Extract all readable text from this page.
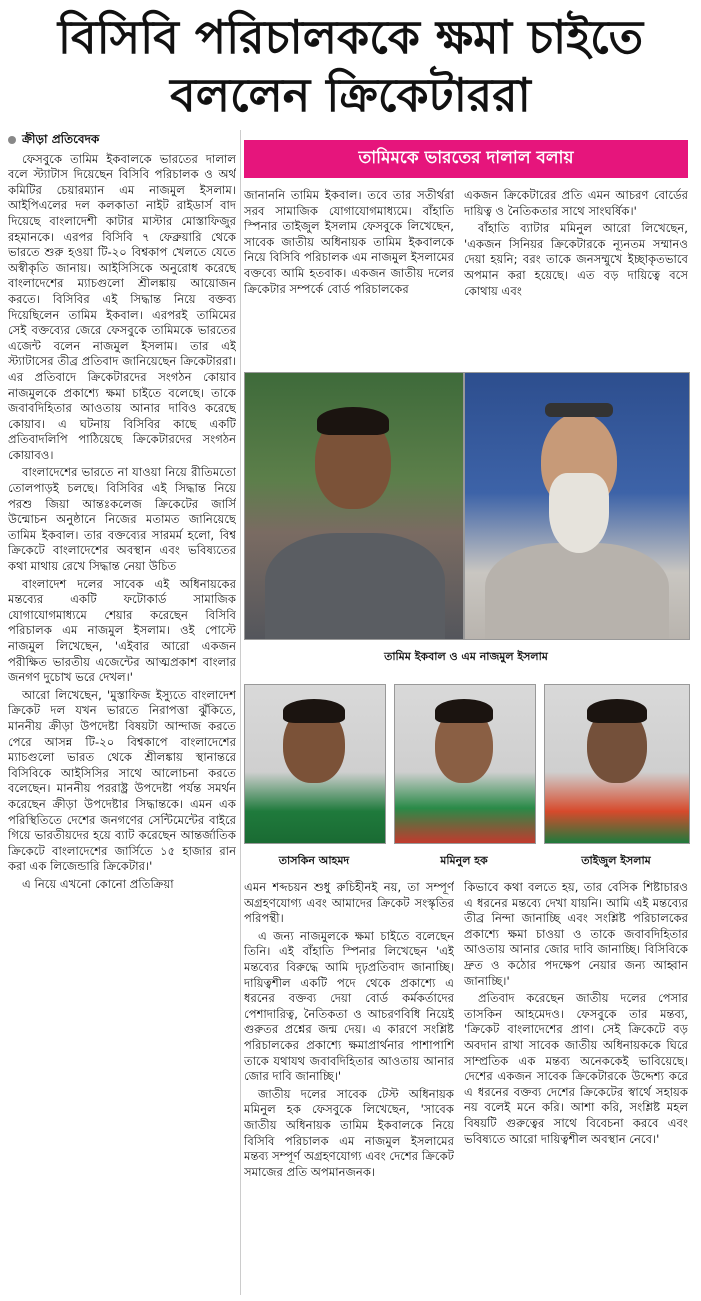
বিসিবি পরিচালককে ক্ষমা চাইতে
বললেন ক্রিকেটাররা
ক্রীড়া প্রতিবেদক

ফেসবুকে তামিম ইকবালকে ভারতের দালাল বলে স্ট্যাটাস দিয়েছেন বিসিবি পরিচালক ও অর্থ কমিটির চেয়ারম্যান এম নাজমুল ইসলাম। আইপিএলের দল কলকাতা নাইট রাইডার্স বাদ দিয়েছে বাংলাদেশী কাটার মাস্টার মোস্তাফিজুর রহমানকে। এরপর বিসিবি ৭ ফেব্রুয়ারি থেকে ভারতে শুরু হওয়া টি-২০ বিশ্বকাপ খেলতে যেতে অস্বীকৃতি জানায়। আইসিসিকে অনুরোধ করেছে বাংলাদেশের ম্যাচগুলো শ্রীলঙ্কায় আয়োজন করতে। বিসিবির এই সিদ্ধান্ত নিয়ে বক্তব্য দিয়েছিলেন তামিম ইকবাল। এরপরই তামিমের সেই বক্তব্যের জেরে ফেসবুকে তামিমকে ভারতের এজেন্ট বলেন নাজমুল ইসলাম। তার এই স্ট্যাটাসের তীব্র প্রতিবাদ জানিয়েছেন ক্রিকেটাররা। এর প্রতিবাদে ক্রিকেটারদের সংগঠন কোয়াব নাজমুলকে প্রকাশ্যে ক্ষমা চাইতে বলেছে। তাকে জবাবদিহিতার আওতায় আনার দাবিও করেছে কোয়াব। এ ঘটনায় বিসিবির কাছে একটি প্রতিবাদলিপি পাঠিয়েছে ক্রিকেটারদের সংগঠন কোয়াবও।

বাংলাদেশের ভারতে না যাওয়া নিয়ে রীতিমতো তোলপাড়ই চলছে। বিসিবির এই সিদ্ধান্ত নিয়ে পরশু জিয়া আন্তঃকলেজ ক্রিকেটের জার্সি উন্মোচন অনুষ্ঠানে নিজের মতামত জানিয়েছে তামিম ইকবাল। তার বক্তব্যের সারমর্ম হলো, বিশ্ব ক্রিকেটে বাংলাদেশের অবস্থান এবং ভবিষ্যতের কথা মাথায় রেখে সিদ্ধান্ত নেয়া উচিত

বাংলাদেশ দলের সাবেক এই অধিনায়কের মন্তব্যের একটি ফটোকার্ড সামাজিক যোগাযোগমাধ্যমে শেয়ার করেছেন বিসিবি পরিচালক এম নাজমুল ইসলাম। ওই পোস্টে নাজমুল লিখেছেন, 'এইবার আরো একজন পরীক্ষিত ভারতীয় এজেন্টের আত্মপ্রকাশ বাংলার জনগণ দুচোখ ভরে দেখল।'

আরো লিখেছেন, 'মুস্তাফিজ ইস্যুতে বাংলাদেশ ক্রিকেট দল যখন ভারতে নিরাপত্তা ঝুঁকিতে, মাননীয় ক্রীড়া উপদেষ্টা বিষয়টা আন্দাজ করতে পেরে আসন্ন টি-২০ বিশ্বকাপে বাংলাদেশের ম্যাচগুলো ভারত থেকে শ্রীলঙ্কায় স্থানান্তরে বিসিবিকে আইসিসির সাথে আলোচনা করতে বলেছেন। মাননীয় পররাষ্ট্র উপদেষ্টা পর্যন্ত সমর্থন করেছেন ক্রীড়া উপদেষ্টার সিদ্ধান্তকে। এমন এক পরিস্থিতিতে দেশের জনগণের সেন্টিমেন্টের বাইরে গিয়ে ভারতীয়দের হয়ে ব্যাট করেছেন আন্তর্জাতিক ক্রিকেটে বাংলাদেশের জার্সিতে ১৫ হাজার রান করা এক লিজেন্ডারি ক্রিকেটার।'

এ নিয়ে এখনো কোনো প্রতিক্রিয়া

তামিমকে ভারতের দালাল বলায়

জানাননি তামিম ইকবাল। তবে তার সতীর্থরা সরব সামাজিক যোগাযোগমাধ্যমে। বাঁহাতি স্পিনার তাইজুল ইসলাম ফেসবুকে লিখেছেন, সাবেক জাতীয় অধিনায়ক তামিম ইকবালকে নিয়ে বিসিবি পরিচালক এম নাজমুল ইসলামের বক্তব্যে আমি হতবাক। একজন জাতীয় দলের ক্রিকেটার সম্পর্কে বোর্ড পরিচালকের

একজন ক্রিকেটারের প্রতি এমন আচরণ বোর্ডের দায়িত্ব ও নৈতিকতার সাথে সাংঘর্ষিক।'

বাঁহাতি ব্যাটার মমিনুল আরো লিখেছেন, 'একজন সিনিয়র ক্রিকেটারকে ন্যূনতম সম্মানও দেয়া হয়নি; বরং তাকে জনসম্মুখে ইচ্ছাকৃতভাবে অপমান করা হয়েছে। এত বড় দায়িত্বে বসে কোথায় এবং

তামিম ইকবাল ও এম নাজমুল ইসলাম
তাসকিন আহমদ	মমিনুল হক	তাইজুল ইসলাম

এমন শব্দচয়ন শুধু রুচিহীনই নয়, তা সম্পূর্ণ অগ্রহণযোগ্য এবং আমাদের ক্রিকেট সংস্কৃতির পরিপন্থী।

এ জন্য নাজমুলকে ক্ষমা চাইতে বলেছেন তিনি। এই বাঁহাতি স্পিনার লিখেছেন 'এই মন্তব্যের বিরুদ্ধে আমি দৃঢ়প্রতিবাদ জানাচ্ছি। দায়িত্বশীল একটি পদে থেকে প্রকাশ্যে এ ধরনের বক্তব্য দেয়া বোর্ড কর্মকর্তাদের পেশাদারিত্ব, নৈতিকতা ও আচরণবিধি নিয়েই গুরুতর প্রশ্নের জন্ম দেয়। এ কারণে সংশ্লিষ্ট পরিচালকের প্রকাশ্যে ক্ষমাপ্রার্থনার পাশাপাশি তাকে যথাযথ জবাবদিহিতার আওতায় আনার জোর দাবি জানাচ্ছি।'

জাতীয় দলের সাবেক টেস্ট অধিনায়ক মমিনুল হক ফেসবুকে লিখেছেন, 'সাবেক জাতীয় অধিনায়ক তামিম ইকবালকে নিয়ে বিসিবি পরিচালক এম নাজমুল ইসলামের মন্তব্য সম্পূর্ণ অগ্রহণযোগ্য এবং দেশের ক্রিকেট সমাজের প্রতি অপমানজনক।

কিভাবে কথা বলতে হয়, তার বেসিক শিষ্টাচারও এ ধরনের মন্তব্যে দেখা যায়নি। আমি এই মন্তব্যের তীব্র নিন্দা জানাচ্ছি এবং সংশ্লিষ্ট পরিচালকের প্রকাশ্যে ক্ষমা চাওয়া ও তাকে জবাবদিহিতার আওতায় আনার জোর দাবি জানাচ্ছি। বিসিবিকে দ্রুত ও কঠোর পদক্ষেপ নেয়ার জন্য আহ্বান জানাচ্ছি।'

প্রতিবাদ করেছেন জাতীয় দলের পেসার তাসকিন আহমেদও। ফেসবুকে তার মন্তব্য, 'ক্রিকেট বাংলাদেশের প্রাণ। সেই ক্রিকেটে বড় অবদান রাখা সাবেক জাতীয় অধিনায়ককে ঘিরে সাম্প্রতিক এক মন্তব্য অনেককেই ভাবিয়েছে। দেশের একজন সাবেক ক্রিকেটারকে উদ্দেশ্য করে এ ধরনের বক্তব্য দেশের ক্রিকেটের স্বার্থে সহায়ক নয় বলেই মনে করি। আশা করি, সংশ্লিষ্ট মহল বিষয়টি গুরুত্বের সাথে বিবেচনা করবে এবং ভবিষ্যতে আরো দায়িত্বশীল অবস্থান নেবে।'
